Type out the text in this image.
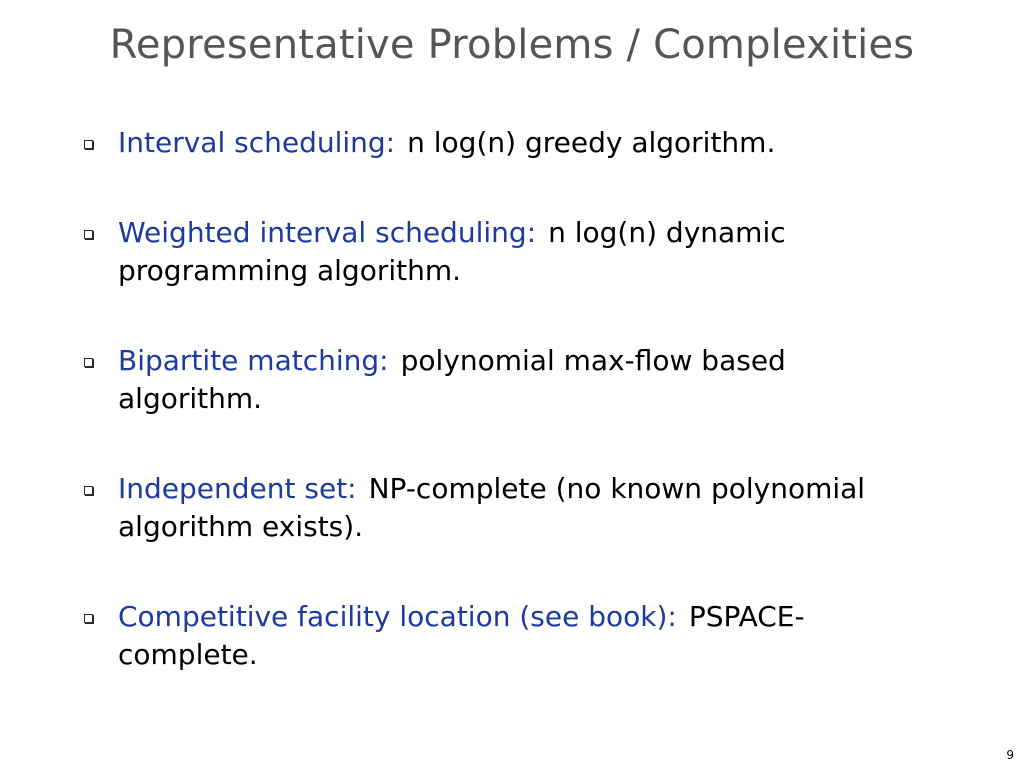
Representative Problems / Complexities
Interval scheduling: n log(n) greedy algorithm.
Weighted interval scheduling: n log(n) dynamic programming algorithm.
Bipartite matching: polynomial max-flow based algorithm.
Independent set: NP-complete (no known polynomial algorithm exists).
Competitive facility location (see book): PSPACE-complete.
9
